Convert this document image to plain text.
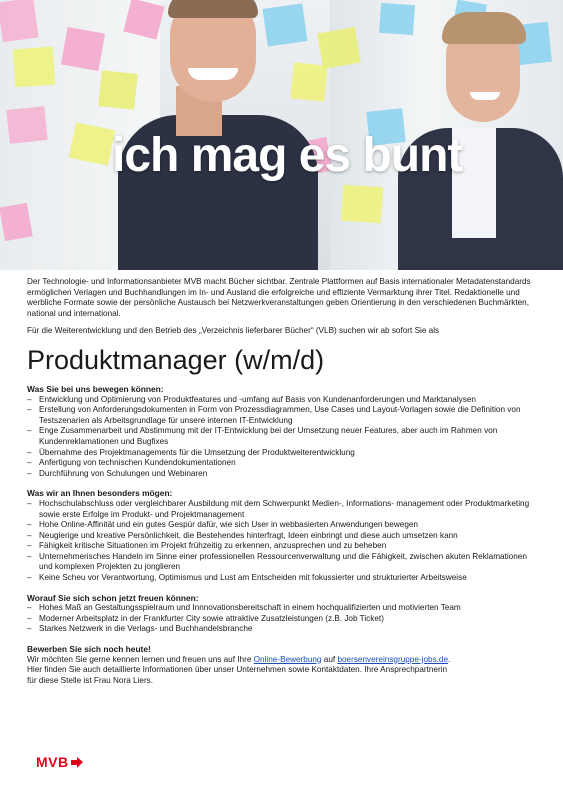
ich mag es bunt

Der Technologie- und Informationsanbieter MVB macht Bücher sichtbar. Zentrale Plattformen auf Basis internationaler Metadatenstandards ermöglichen Verlagen und Buchhandlungen im In- und Ausland die erfolgreiche und effiziente Vermarktung ihrer Titel. Redaktionelle und werbliche Formate sowie der persönliche Austausch bei Netzwerkveranstaltungen geben Orientierung in den verschiedenen Buchmärkten, national und international.

Für die Weiterentwicklung und den Betrieb des „Verzeichnis lieferbarer Bücher“ (VLB) suchen wir ab sofort Sie als

Produktmanager (w/m/d)

Was Sie bei uns bewegen können:

– Entwicklung und Optimierung von Produktfeatures und -umfang auf Basis von Kundenanforderungen und Marktanalysen
– Erstellung von Anforderungsdokumenten in Form von Prozessdiagrammen, Use Cases und Layout-Vorlagen sowie die Definition von Testszenarien als Arbeitsgrundlage für unsere internen IT-Entwicklung
– Enge Zusammenarbeit und Abstimmung mit der IT-Entwicklung bei der Umsetzung neuer Features, aber auch im Rahmen von Kundenreklamationen und Bugfixes
– Übernahme des Projektmanagements für die Umsetzung der Produktweiterentwicklung
– Anfertigung von technischen Kundendokumentationen
– Durchführung von Schulungen und Webinaren

Was wir an Ihnen besonders mögen:

– Hochschulabschluss oder vergleichbarer Ausbildung mit dem Schwerpunkt Medien-, Informations- management oder Produktmarketing sowie erste Erfolge im Produkt- und Projektmanagement
– Hohe Online-Affinität und ein gutes Gespür dafür, wie sich User in webbasierten Anwendungen bewegen
– Neugierige und kreative Persönlichkeit, die Bestehendes hinterfragt, Ideen einbringt und diese auch umsetzen kann
– Fähigkeit kritische Situationen im Projekt frühzeitig zu erkennen, anzusprechen und zu beheben
– Unternehmerisches Handeln im Sinne einer professionellen Ressourcenverwaltung und die Fähigkeit, zwischen akuten Reklamationen und komplexen Projekten zu jonglieren
– Keine Scheu vor Verantwortung, Optimismus und Lust am Entscheiden mit fokussierter und strukturierter Arbeitsweise

Worauf Sie sich schon jetzt freuen können:

– Hohes Maß an Gestaltungsspielraum und Innnovationsbereitschaft in einem hochqualifizierten und motivierten Team
– Moderner Arbeitsplatz in der Frankfurter City sowie attraktive Zusatzleistungen (z.B. Job Ticket)
– Starkes Netzwerk in die Verlags- und Buchhandelsbranche

Bewerben Sie sich noch heute!

Wir möchten Sie gerne kennen lernen und freuen uns auf Ihre Online-Bewerbung auf boersenvereinsgruppe-jobs.de.

Hier finden Sie auch detaillierte Informationen über unser Unternehmen sowie Kontaktdaten. Ihre Ansprechpartnerin

für diese Stelle ist Frau Nora Liers.

MVB
